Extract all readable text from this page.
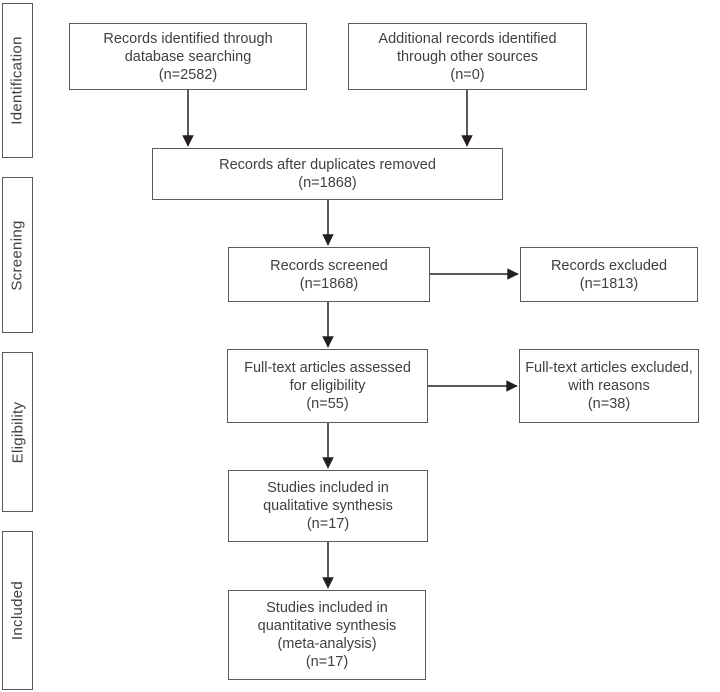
Identification
Screening
Eligibility
Included
Records identified through
database searching
(n=2582)
Additional records identified
through other sources
(n=0)
Records after duplicates removed
(n=1868)
Records screened
(n=1868)
Records excluded
(n=1813)
Full-text articles assessed
for eligibility
(n=55)
Full-text articles excluded,
with reasons
(n=38)
Studies included in
qualitative synthesis
(n=17)
Studies included in
quantitative synthesis
(meta-analysis)
(n=17)
